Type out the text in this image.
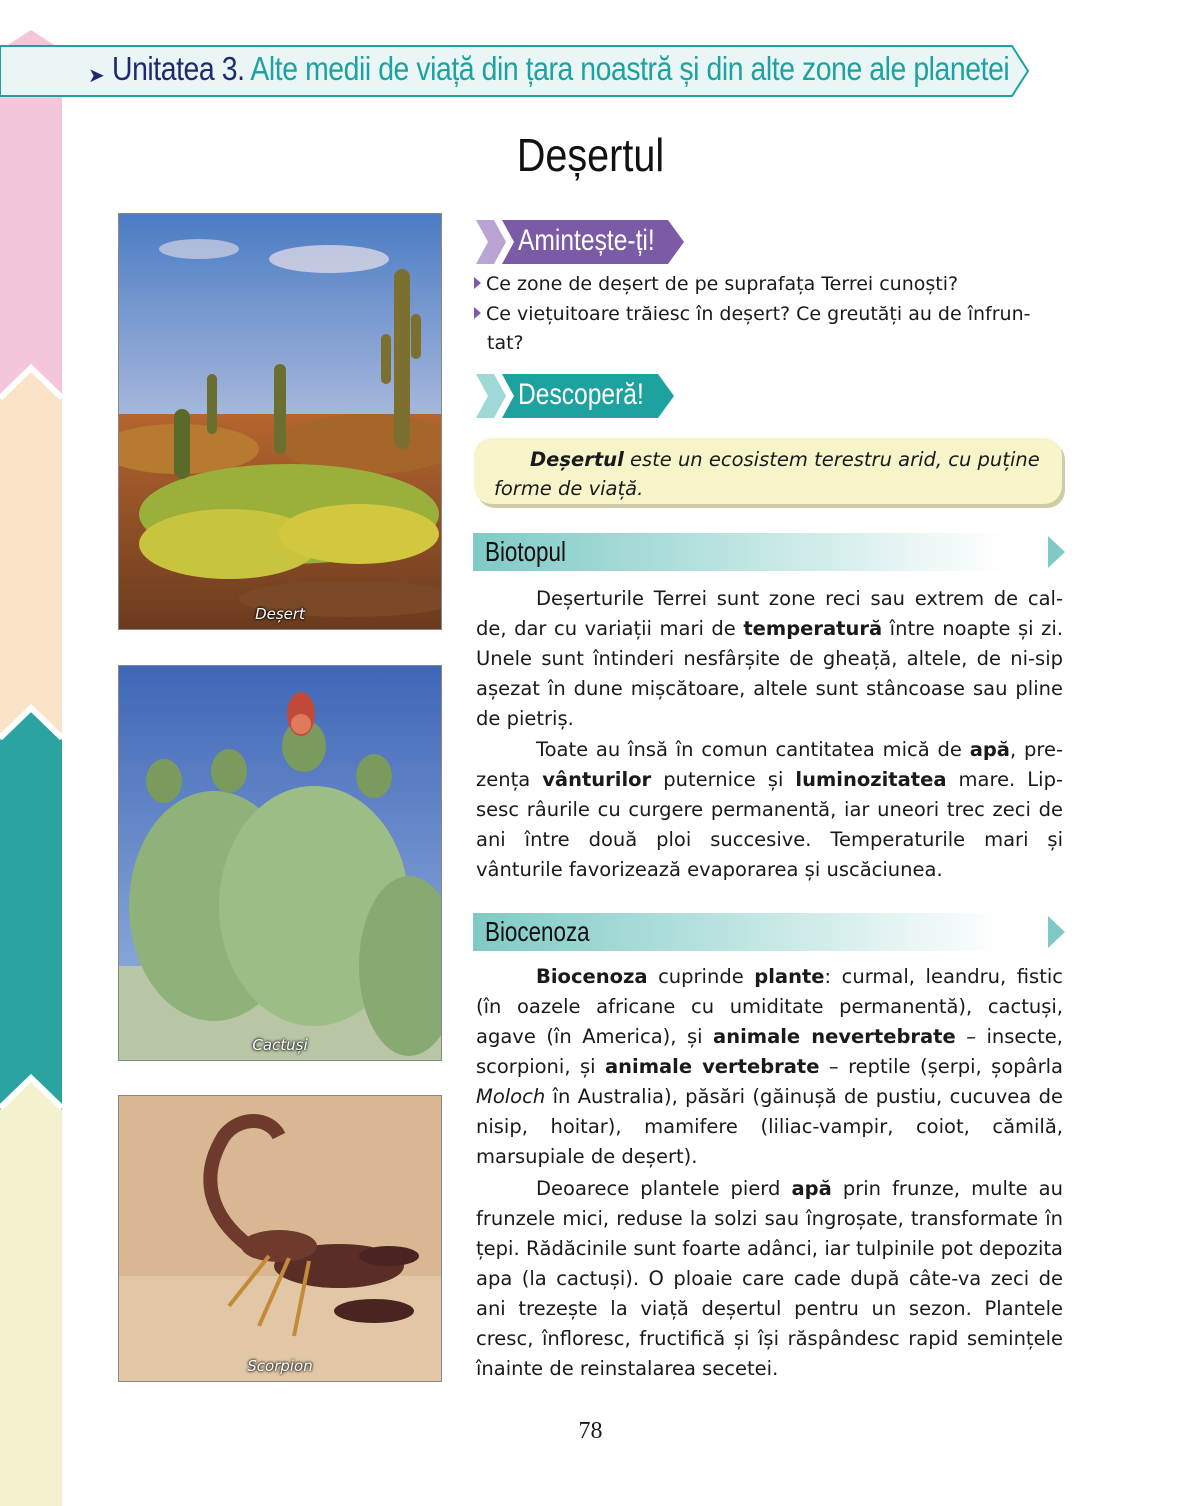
➤ Unitatea 3. Alte medii de viață din țara noastră și din alte zone ale planetei
Deșertul
Deșert
Cactuși
Scorpion
Amintește-ți!
Ce zone de deșert de pe suprafața Terrei cunoști?
Ce viețuitoare trăiesc în deșert? Ce greutăți au de înfrun-
tat?
Descoperă!

Deșertul este un ecosistem terestru arid, cu puține

forme de viață.

Biotopul

Deșerturile Terrei sunt zone reci sau extrem de cal-de, dar cu variații mari de temperatură între noapte și zi. Unele sunt întinderi nesfârșite de gheață, altele, de ni-sip așezat în dune mișcătoare, altele sunt stâncoase sau pline de pietriș.

Toate au însă în comun cantitatea mică de apă, pre-zența vânturilor puternice și luminozitatea mare. Lip-sesc râurile cu curgere permanentă, iar uneori trec zeci de ani între două ploi succesive. Temperaturile mari și vânturile favorizează evaporarea și uscăciunea.

Biocenoza

Biocenoza cuprinde plante: curmal, leandru, fistic (în oazele africane cu umiditate permanentă), cactuși, agave (în America), și animale nevertebrate – insecte, scorpioni, și animale vertebrate – reptile (șerpi, șopârla Moloch în Australia), păsări (găinușă de pustiu, cucuvea de nisip, hoitar), mamifere (liliac-vampir, coiot, cămilă, marsupiale de deșert).

Deoarece plantele pierd apă prin frunze, multe au frunzele mici, reduse la solzi sau îngroșate, transformate în țepi. Rădăcinile sunt foarte adânci, iar tulpinile pot depozita apa (la cactuși). O ploaie care cade după câte-va zeci de ani trezește la viață deșertul pentru un sezon. Plantele cresc, înfloresc, fructifică și își răspândesc rapid semințele înainte de reinstalarea secetei.

78
